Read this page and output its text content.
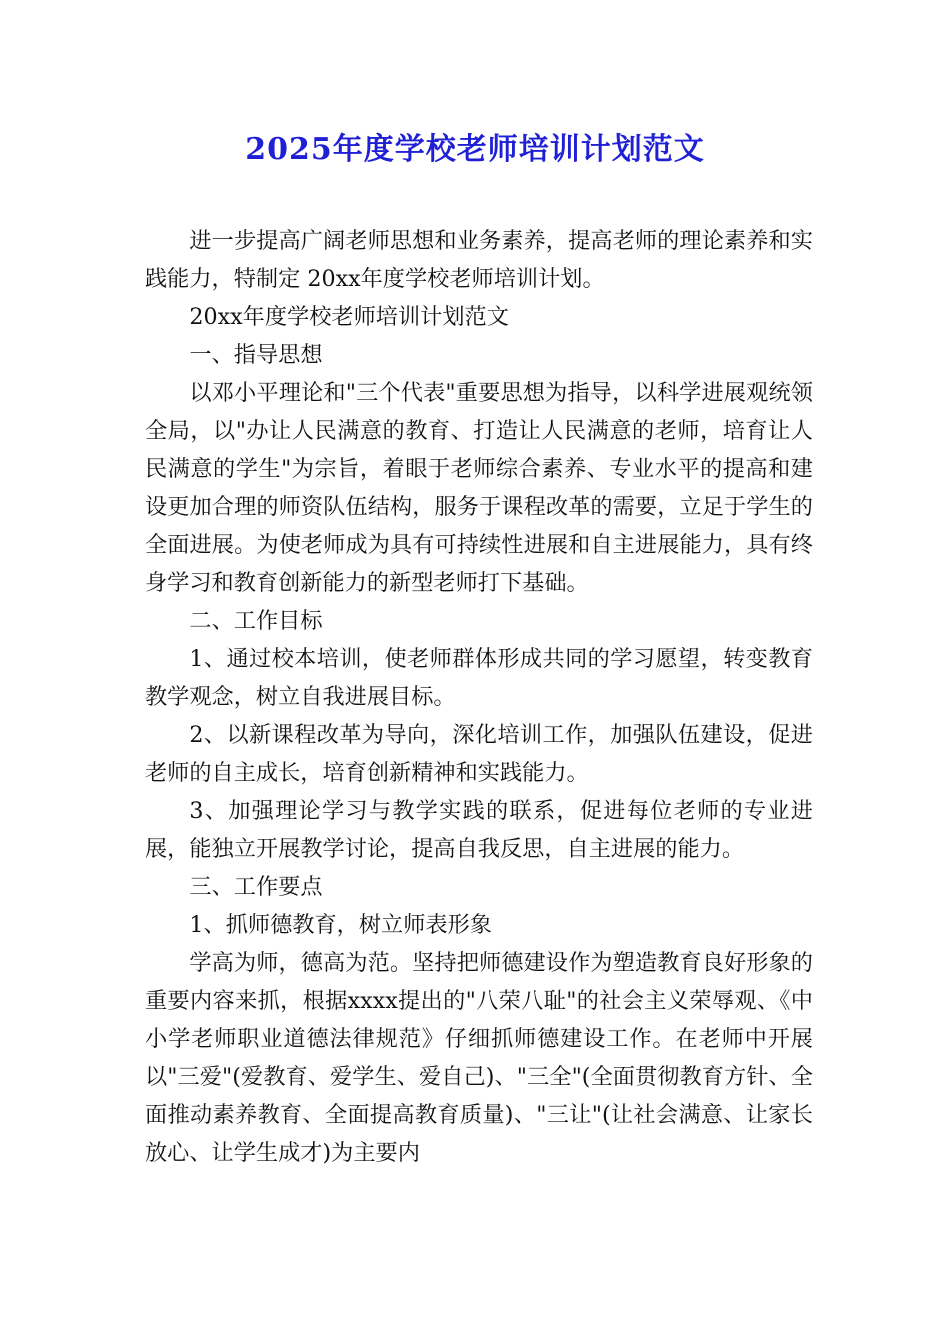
2025年度学校老师培训计划范文

进一步提高广阔老师思想和业务素养，提高老师的理论素养和实践能力，特制定 20xx年度学校老师培训计划。

20xx年度学校老师培训计划范文

一、指导思想

以邓小平理论和"三个代表"重要思想为指导，以科学进展观统领全局，以"办让人民满意的教育、打造让人民满意的老师，培育让人民满意的学生"为宗旨，着眼于老师综合素养、专业水平的提高和建设更加合理的师资队伍结构，服务于课程改革的需要，立足于学生的全面进展。为使老师成为具有可持续性进展和自主进展能力，具有终身学习和教育创新能力的新型老师打下基础。

二、工作目标

1、通过校本培训，使老师群体形成共同的学习愿望，转变教育教学观念，树立自我进展目标。

2、以新课程改革为导向，深化培训工作，加强队伍建设，促进老师的自主成长，培育创新精神和实践能力。

3、加强理论学习与教学实践的联系，促进每位老师的专业进展，能独立开展教学讨论，提高自我反思，自主进展的能力。

三、工作要点

1、抓师德教育，树立师表形象

学高为师，德高为范。坚持把师德建设作为塑造教育良好形象的重要内容来抓，根据xxxx提出的"八荣八耻"的社会主义荣辱观、《中小学老师职业道德法律规范》仔细抓师德建设工作。在老师中开展以"三爱"(爱教育、爱学生、爱自己)、"三全"(全面贯彻教育方针、全面推动素养教育、全面提高教育质量)、"三让"(让社会满意、让家长放心、让学生成才)为主要内
